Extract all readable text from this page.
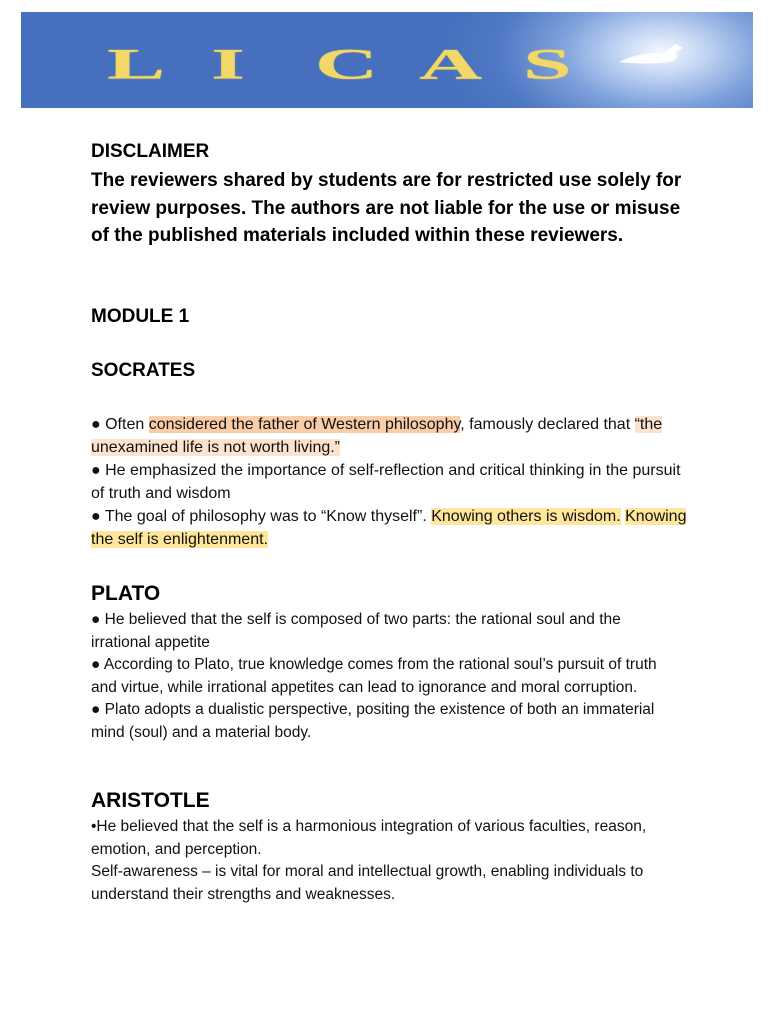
L I	C A S

DISCLAIMER

The reviewers shared by students are for restricted use solely for review purposes. The authors are not liable for the use or misuse of the published materials included within these reviewers.

MODULE 1

SOCRATES

● Often considered the father of Western philosophy, famously declared that “the unexamined life is not worth living.”

● He emphasized the importance of self-reflection and critical thinking in the pursuit of truth and wisdom

● The goal of philosophy was to “Know thyself”. Knowing others is wisdom. Knowing the self is enlightenment.

PLATO

● He believed that the self is composed of two parts: the rational soul and the irrational appetite

● According to Plato, true knowledge comes from the rational soul’s pursuit of truth and virtue, while irrational appetites can lead to ignorance and moral corruption.

● Plato adopts a dualistic perspective, positing the existence of both an immaterial mind (soul) and a material body.

ARISTOTLE

•He believed that the self is a harmonious integration of various faculties, reason, emotion, and perception.

Self-awareness – is vital for moral and intellectual growth, enabling individuals to understand their strengths and weaknesses.
